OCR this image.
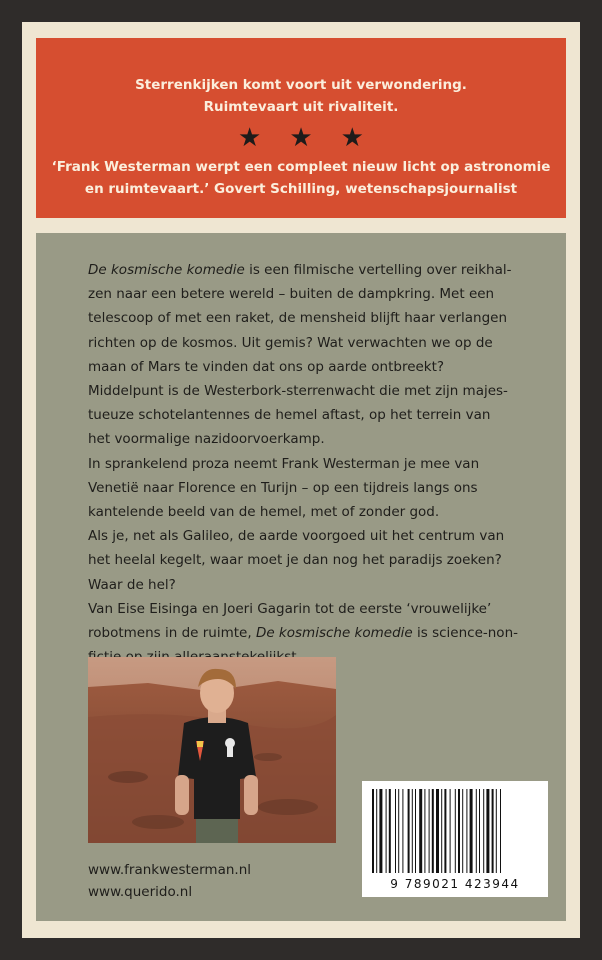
Sterrenkijken komt voort uit verwondering.
Ruimtevaart uit rivaliteit.
★ ★ ★
‘Frank Westerman werpt een compleet nieuw licht op astronomie
en ruimtevaart.’ Govert Schilling, wetenschapsjournalist
De kosmische komedie is een filmische vertelling over reikhal-
zen naar een betere wereld – buiten de dampkring. Met een
telescoop of met een raket, de mensheid blijft haar verlangen
richten op de kosmos. Uit gemis? Wat verwachten we op de
maan of Mars te vinden dat ons op aarde ontbreekt?
Middelpunt is de Westerbork-sterrenwacht die met zijn majes-
tueuze schotelantennes de hemel aftast, op het terrein van
het voormalige nazidoorvoerkamp.
In sprankelend proza neemt Frank Westerman je mee van
Venetië naar Florence en Turijn – op een tijdreis langs ons
kantelende beeld van de hemel, met of zonder god.
Als je, net als Galileo, de aarde voorgoed uit het centrum van
het heelal kegelt, waar moet je dan nog het paradijs zoeken?
Waar de hel?
Van Eise Eisinga en Joeri Gagarin tot de eerste ‘vrouwelijke’
robotmens in de ruimte, De kosmische komedie is science-non-
www.frankwesterman.nl
www.querido.nl	9 789021 423944
